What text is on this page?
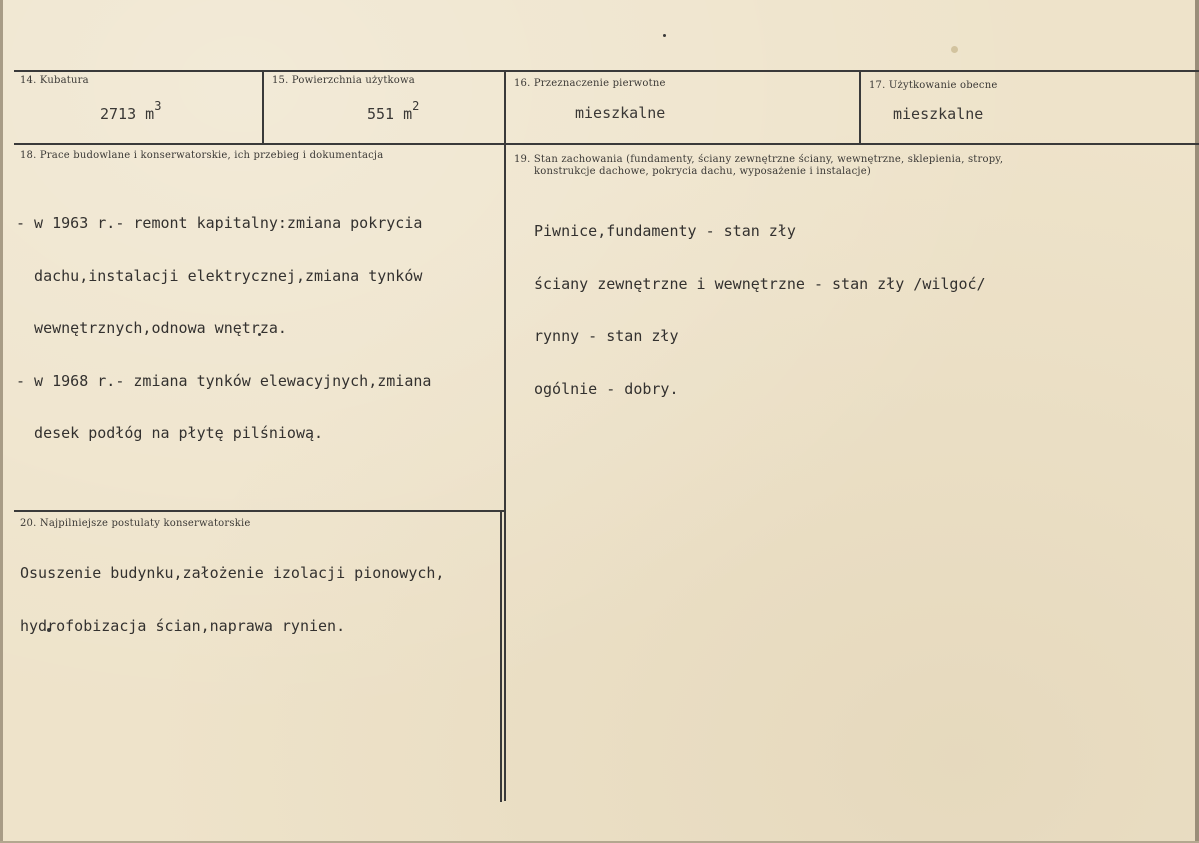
14. Kubatura
2713 $m^3$
15. Powierzchnia użytkowa
551 $m^2$
16. Przeznaczenie pierwotne
mieszkalne
17. Użytkowanie obecne
mieszkalne
18. Prace budowlane i konserwatorskie, ich przebieg i dokumentacja

- w 1963 r.- remont kapitalny:zmiana pokrycia

dachu,instalacji elektrycznej,zmiana tynków

wewnętrznych,odnowa wnętrza.

- w 1968 r.- zmiana tynków elewacyjnych,zmiana

desek podłóg na płytę pilśniową.

19. Stan zachowania (fundamenty, ściany zewnętrzne ściany, wewnętrzne, sklepienia, stropy,
konstrukcje dachowe, pokrycia dachu, wyposażenie i instalacje)

Piwnice,fundamenty - stan zły

ściany zewnętrzne i wewnętrzne - stan zły /wilgoć/

rynny - stan zły

ogólnie - dobry.

20. Najpilniejsze postulaty konserwatorskie

Osuszenie budynku,założenie izolacji pionowych,

hydrofobizacja ścian,naprawa rynien.
